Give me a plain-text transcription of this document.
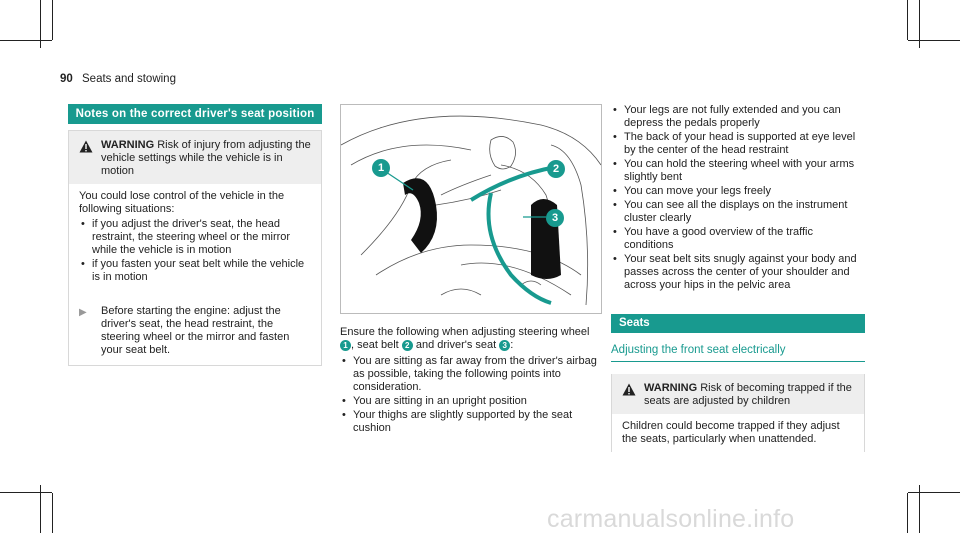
90 Seats and stowing
Notes on the correct driver's seat position
WARNING Risk of injury from adjusting the vehicle settings while the vehicle is in motion
You could lose control of the vehicle in the following situations:
• if you adjust the driver's seat, the head restraint, the steering wheel or the mirror while the vehicle is in motion
• if you fasten your seat belt while the vehicle is in motion
▶	Before starting the engine: adjust the driver's seat, the head restraint, the steering wheel or the mirror and fasten your seat belt.
1	2
3
Ensure the following when adjusting steering wheel 1 , seat belt 2 and driver's seat 3 :
• You are sitting as far away from the driver's airbag as possible, taking the following points into consideration.
• You are sitting in an upright position
• Your thighs are slightly supported by the seat cushion
• Your legs are not fully extended and you can depress the pedals properly
• The back of your head is supported at eye level by the center of the head restraint
• You can hold the steering wheel with your arms slightly bent
• You can move your legs freely
• You can see all the displays on the instrument cluster clearly
• You have a good overview of the traffic conditions
• Your seat belt sits snugly against your body and passes across the center of your shoulder and across your hips in the pelvic area
Seats
Adjusting the front seat electrically
WARNING Risk of becoming trapped if the seats are adjusted by children
Children could become trapped if they adjust the seats, particularly when unattended.
carmanualsonline.info
